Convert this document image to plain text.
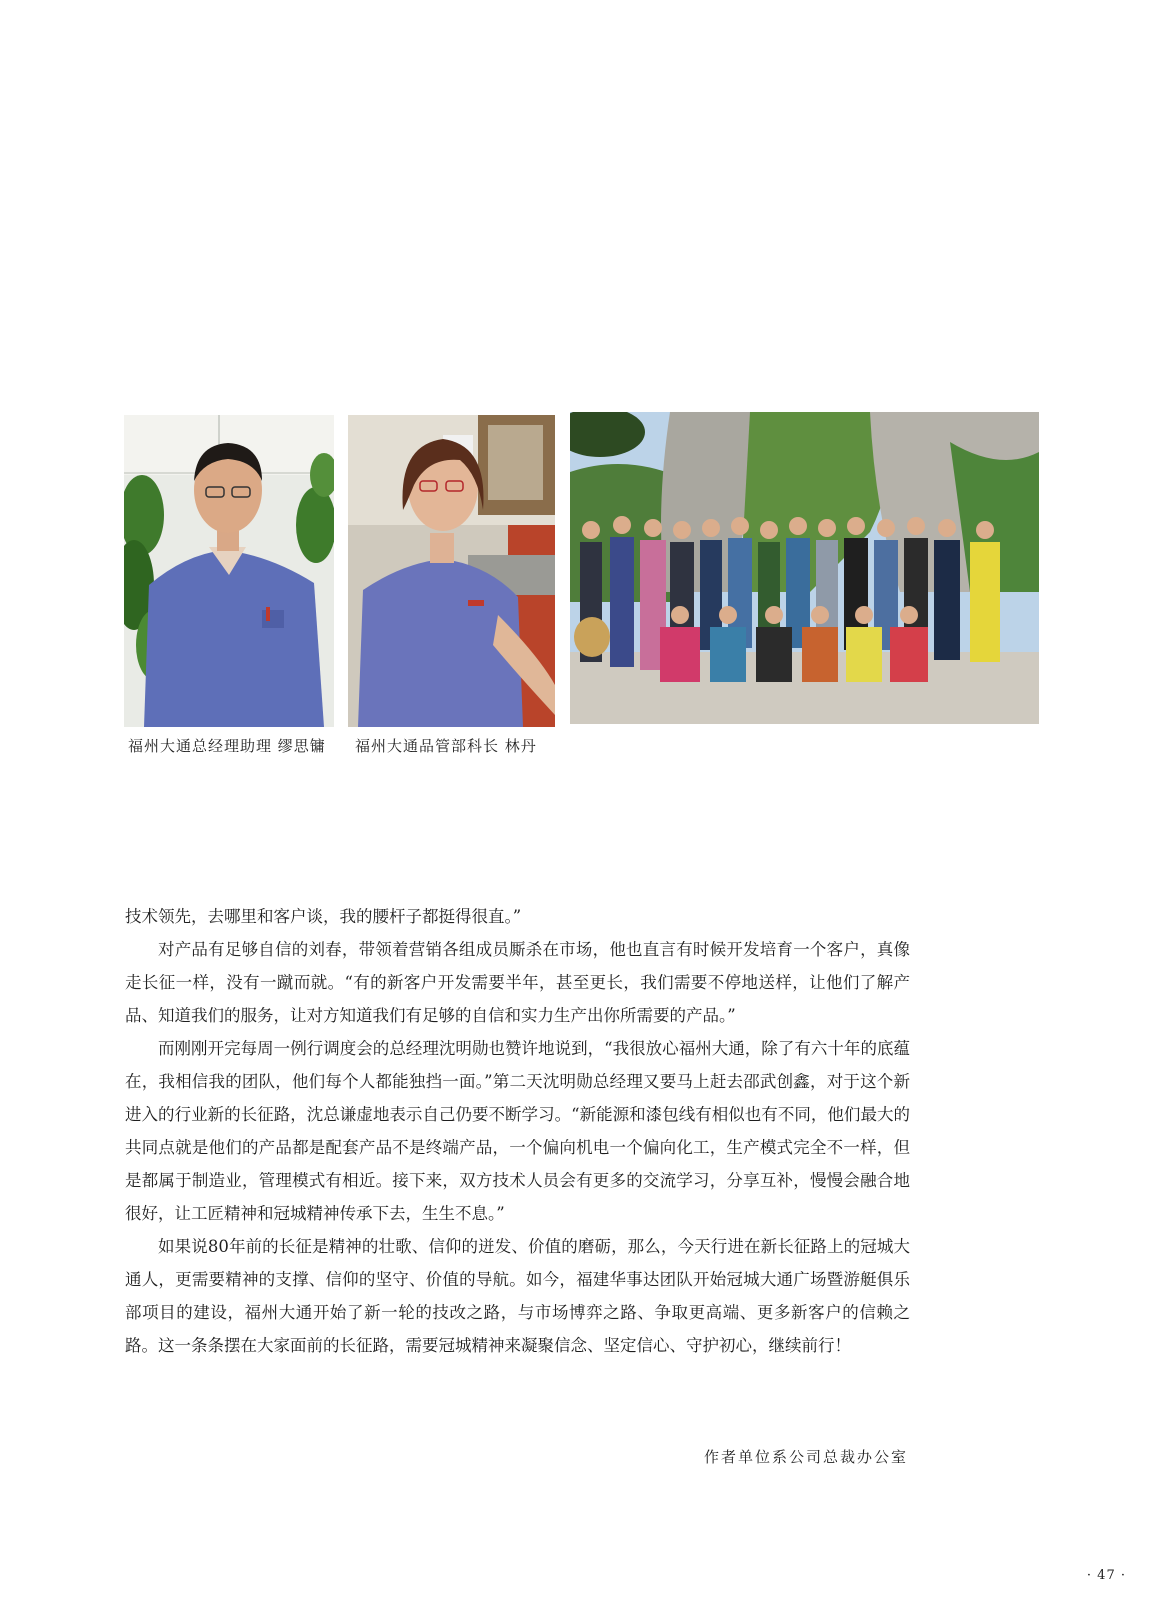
福州大通总经理助理 缪思镛 福州大通品管部科长 林丹

技术领先，去哪里和客户谈，我的腰杆子都挺得很直。”

对产品有足够自信的刘春，带领着营销各组成员厮杀在市场，他也直言有时候开发培育一个客户，真像走长征一样，没有一蹴而就。“有的新客户开发需要半年，甚至更长，我们需要不停地送样，让他们了解产品、知道我们的服务，让对方知道我们有足够的自信和实力生产出你所需要的产品。”

而刚刚开完每周一例行调度会的总经理沈明勋也赞许地说到，“我很放心福州大通，除了有六十年的底蕴在，我相信我的团队，他们每个人都能独挡一面。”第二天沈明勋总经理又要马上赶去邵武创鑫，对于这个新进入的行业新的长征路，沈总谦虚地表示自己仍要不断学习。“新能源和漆包线有相似也有不同，他们最大的共同点就是他们的产品都是配套产品不是终端产品，一个偏向机电一个偏向化工，生产模式完全不一样，但是都属于制造业，管理模式有相近。接下来，双方技术人员会有更多的交流学习，分享互补，慢慢会融合地很好，让工匠精神和冠城精神传承下去，生生不息。”

如果说80年前的长征是精神的壮歌、信仰的迸发、价值的磨砺，那么，今天行进在新长征路上的冠城大通人，更需要精神的支撑、信仰的坚守、价值的导航。如今，福建华事达团队开始冠城大通广场暨游艇俱乐部项目的建设，福州大通开始了新一轮的技改之路，与市场博弈之路、争取更高端、更多新客户的信赖之路。这一条条摆在大家面前的长征路，需要冠城精神来凝聚信念、坚定信心、守护初心，继续前行！

作者单位系公司总裁办公室
· 47 ·
